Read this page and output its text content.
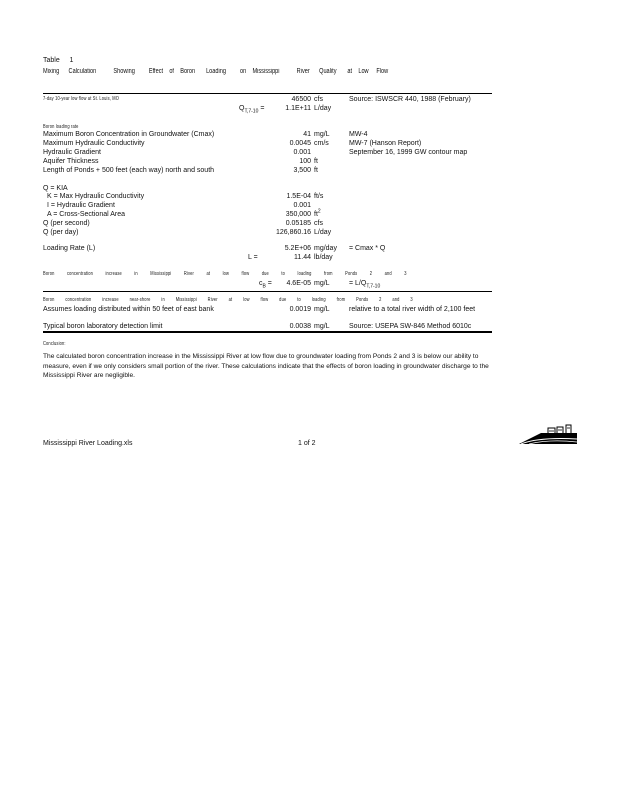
Table 1
Mixing Calculation Showing Effect of Boron Loading on Mississippi River Quality at Low Flow
7-day 10-year low flow at St. Louis, MO	46500 cfs	Source: ISWSCR 440, 1988 (February)
$Q_{T,7-10}$ =	1.1E+11 L/day
Boron loading rate
Maximum Boron Concentration in Groundwater (Cmax)	41 mg/L	MW-4
Maximum Hydraulic Conductivity	0.0045 cm/s	MW-7 (Hanson Report)
Hydraulic Gradient	0.001	September 16, 1999 GW contour map
Aquifer Thickness	100 ft
Length of Ponds + 500 feet (each way) north and south	3,500 ft
Q = KIA
K = Max Hydraulic Conductivity	1.5E-04 ft/s
I = Hydraulic Gradient	0.001
A = Cross-Sectional Area	350,000 $ft^2$
Q (per second)	0.05185 cfs
Q (per day)	126,860.16 L/day
Loading Rate (L)	5.2E+06 mg/day = Cmax * Q
L =	11.44 lb/day
Boron concentration increase in Mississippi River at low flow due to loading from Ponds 2 and 3
$c_B$ =	4.6E-05 mg/L	= $L/Q_{T,7-10}$
Boron concentration increase near-shore in Mississippi River at low flow due to loading from Ponds 2 and 3
Assumes loading distributed within 50 feet of east bank	0.0019 mg/L	relative to a total river width of 2,100 feet
Typical boron laboratory detection limit	0.0038 mg/L	Source: USEPA SW-846 Method 6010c
Conclusion:
The calculated boron concentration increase in the Mississippi River at low flow due to groundwater loading from Ponds 2 and 3 is below our ability to measure, even if we only considers small portion of the river. These calculations indicate that the effects of boron loading in groundwater discharge to the Mississippi River are negligible.
Mississippi River Loading.xls	1 of 2
